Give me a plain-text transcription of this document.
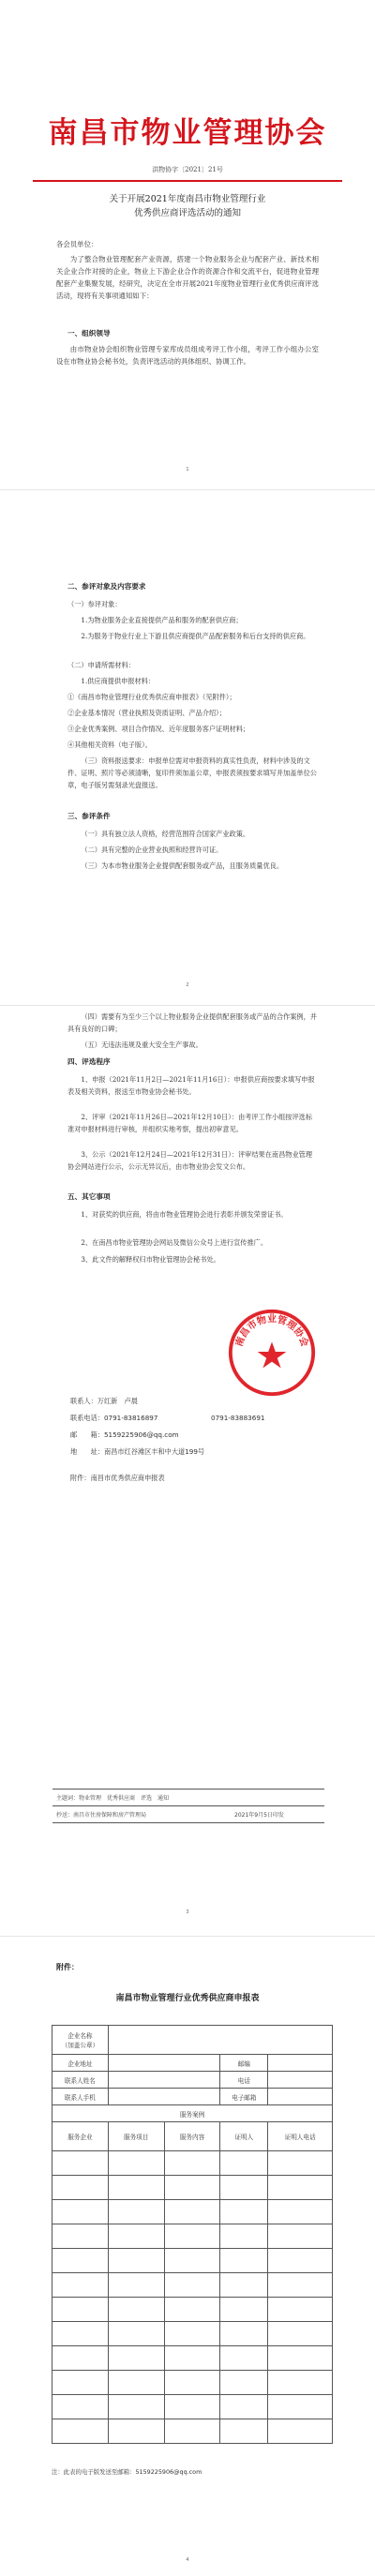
南昌市物业管理协会
洪物协字〔2021〕21号
关于开展2021年度南昌市物业管理行业
优秀供应商评选活动的通知
各会员单位：
为了整合物业管理配套产业资源，搭建一个物业服务企业与配套产业、新技术相关企业合作对接的企业，物业上下游企业合作的资源合作和交流平台，促进物业管理配套产业集聚发展，经研究，决定在全市开展2021年度物业管理行业优秀供应商评选活动，现将有关事项通知如下：
一、组织领导
由市物业协会组织物业管理专家库成员组成考评工作小组，考评工作小组办公室设在市物业协会秘书处，负责评选活动的具体组织、协调工作。
1
二、参评对象及内容要求
（一）参评对象：
1.为物业服务企业直接提供产品和服务的配套供应商；
2.为服务于物业行业上下游且供应商提供产品配套服务和后台支持的供应商。
（二）申请所需材料：
1.供应商提供申报材料：
①《南昌市物业管理行业优秀供应商申报表》（见附件）；
②企业基本情况（营业执照及资质证明、产品介绍）；
③企业优秀案例、项目合作情况、近年度服务客户证明材料；
④其他相关资料（电子版）。
（三）资料报送要求：申报单位需对申报资料的真实性负责，材料中涉及的文件、证明、照片等必须清晰，复印件须加盖公章，申报表须按要求填写并加盖单位公章，电子版另需刻录光盘报送。
三、参评条件
（一）具有独立法人资格，经营范围符合国家产业政策。
（二）具有完整的企业营业执照和经营许可证。
（三）为本市物业服务企业提供配套服务或产品，且服务质量优良。
2
（四）需要有为至少三个以上物业服务企业提供配套服务或产品的合作案例，并具有良好的口碑；
（五）无违法违规及重大安全生产事故。
四、评选程序
1、申报（2021年11月2日—2021年11月16日）：申报供应商按要求填写申报表及相关资料，报送至市物业协会秘书处。
2、评审（2021年11月26日—2021年12月10日）：由考评工作小组按评选标准对申报材料进行审核，并组织实地考察，提出初审意见。
3、公示（2021年12月24日—2021年12月31日）：评审结果在南昌物业管理协会网站进行公示，公示无异议后，由市物业协会发文公布。
五、其它事项
1、对获奖的供应商，将由市物业管理协会进行表彰并颁发荣誉证书。
2、在南昌市物业管理协会网站及微信公众号上进行宣传推广。
3、此文件的解释权归市物业管理协会秘书处。
联系人：万红新　卢晨
联系电话：0791-83816897	0791-83883691
邮　　箱：5159225906@qq.com
地　　址：南昌市红谷滩区丰和中大道199号
附件：南昌市优秀供应商申报表
主题词：物业管理　优秀供应商　评选　通知
抄送：南昌市住房保障和房产管理局	2021年9月5日印发
3
南昌市物业管理协会
附件：
南昌市物业管理行业优秀供应商申报表
企业名称
（加盖公章）				
企业地址			邮编	
联系人姓名			电话	
联系人手机			电子邮箱	
服务案例				
服务企业	服务项目	服务内容	证明人	证明人电话

注：此表的电子版发送至邮箱：5159225906@qq.com
4
